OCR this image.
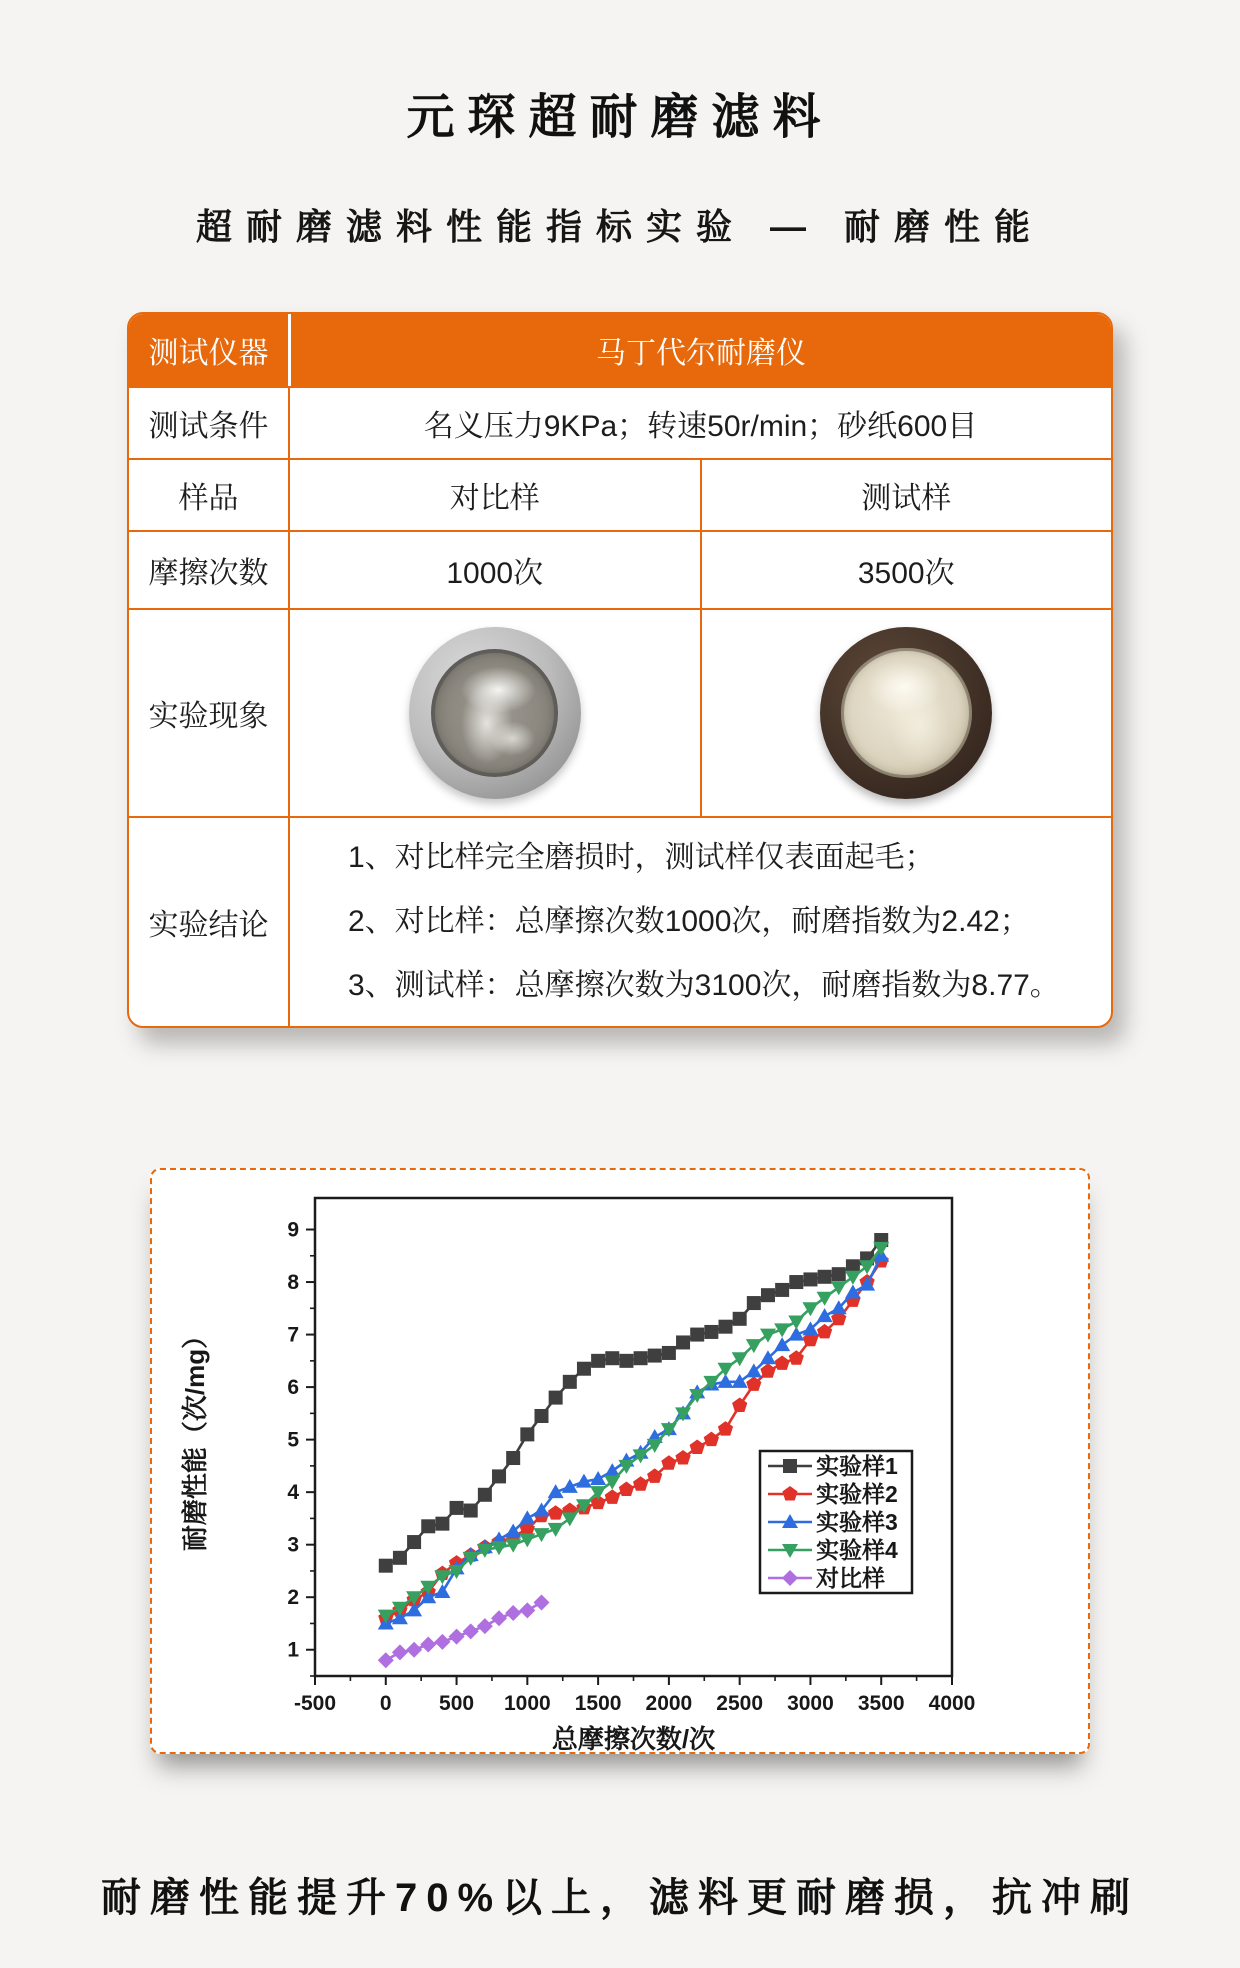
元琛超耐磨滤料
超耐磨滤料性能指标实验 — 耐磨性能
测试仪器	马丁代尔耐磨仪
测试条件	名义压力9KPa；转速50r/min；砂纸600目
样品	对比样	测试样
摩擦次数	1000次	3500次
实验现象
实验结论
1、对比样完全磨损时，测试样仅表面起毛；
2、对比样：总摩擦次数1000次，耐磨指数为2.42；
3、测试样：总摩擦次数为3100次，耐磨指数为8.77。
-500 0 500 1000 1500 2000 2500 3000 3500 4000
1
2
3
4
5
6
7
8
9
总摩擦次数/次
耐磨性能（次/mg）	实验样1
实验样2
实验样3
实验样4
对比样
耐磨性能提升70%以上，滤料更耐磨损，抗冲刷
